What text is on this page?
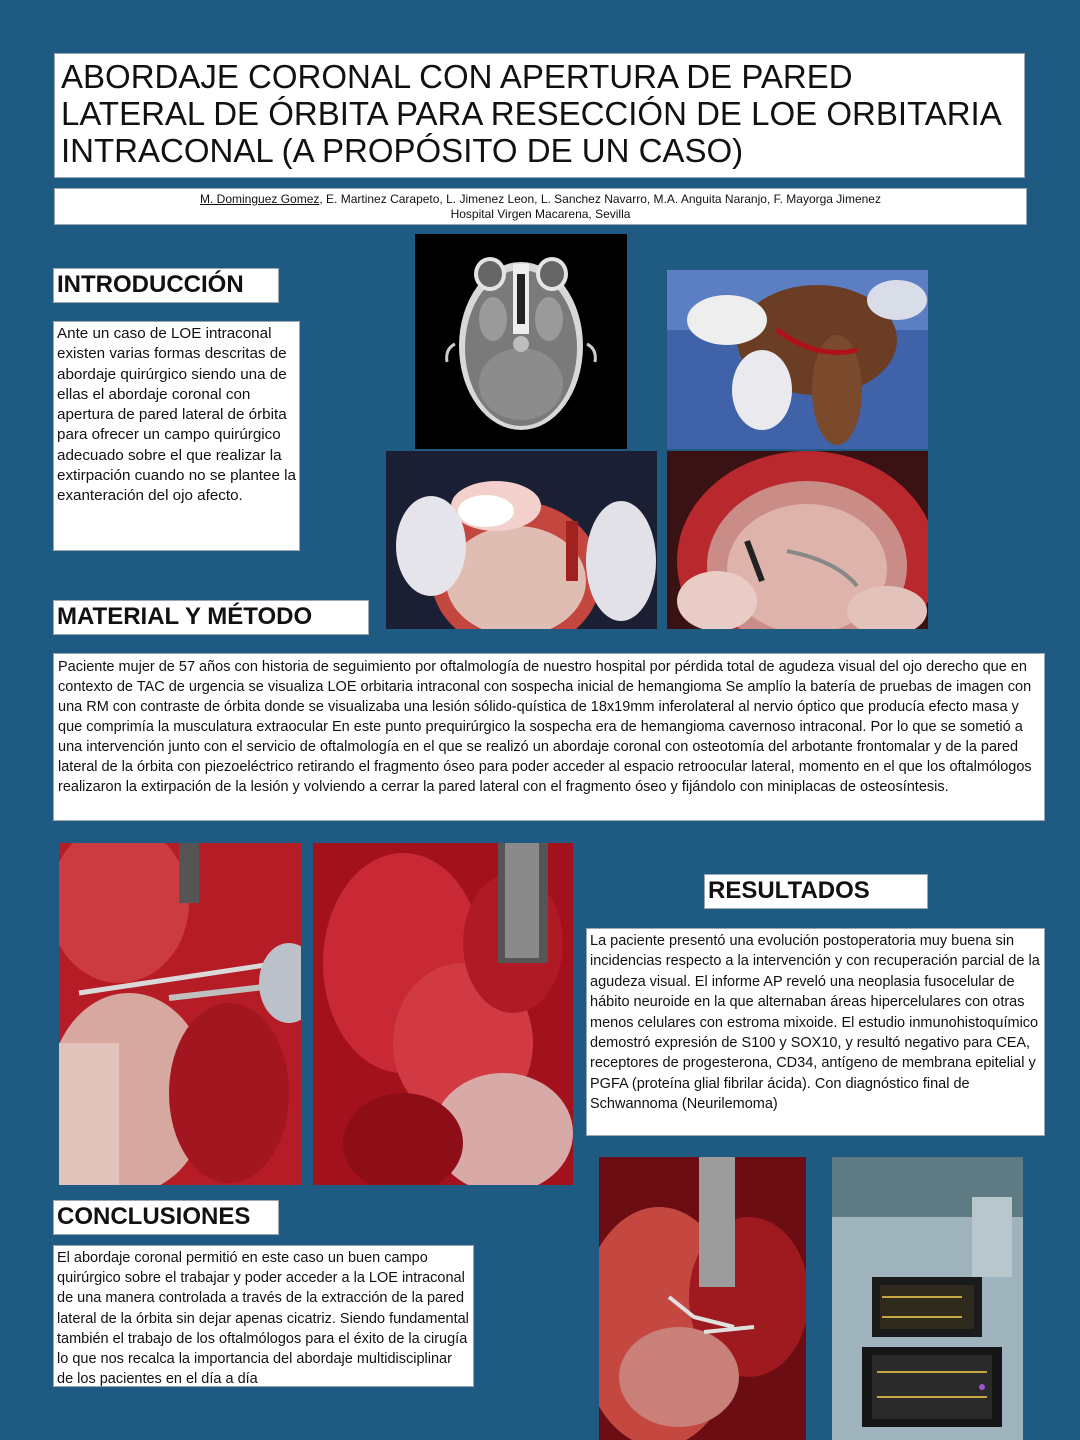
ABORDAJE CORONAL CON APERTURA DE PARED
LATERAL DE ÓRBITA PARA RESECCIÓN DE LOE ORBITARIA
INTRACONAL (A PROPÓSITO DE UN CASO)
M. Dominguez Gomez, E. Martinez Carapeto, L. Jimenez Leon, L. Sanchez Navarro, M.A. Anguita Naranjo, F. Mayorga Jimenez
Hospital Virgen Macarena, Sevilla
INTRODUCCIÓN
Ante un caso de LOE intraconal existen varias formas descritas de abordaje quirúrgico siendo una de ellas el abordaje coronal con apertura de pared lateral de órbita para ofrecer un campo quirúrgico adecuado sobre el que realizar la extirpación cuando no se plantee la exanteración del ojo afecto.
MATERIAL Y MÉTODO
Paciente mujer de 57 años con historia de seguimiento por oftalmología de nuestro hospital por pérdida total de agudeza visual del ojo derecho que en contexto de TAC de urgencia se visualiza LOE orbitaria intraconal con sospecha inicial de hemangioma Se amplío la batería de pruebas de imagen con una RM con contraste de órbita donde se visualizaba una lesión sólido-quística de 18x19mm inferolateral al nervio óptico que producía efecto masa y que comprimía la musculatura extraocular En este punto prequirúrgico la sospecha era de hemangioma cavernoso intraconal. Por lo que se sometió a una intervención junto con el servicio de oftalmología en el que se realizó un abordaje coronal con osteotomía del arbotante frontomalar y de la pared lateral de la órbita con piezoeléctrico retirando el fragmento óseo para poder acceder al espacio retroocular lateral, momento en el que los oftalmólogos realizaron la extirpación de la lesión y volviendo a cerrar la pared lateral con el fragmento óseo y fijándolo con miniplacas de osteosíntesis.
RESULTADOS
La paciente presentó una evolución postoperatoria muy buena sin incidencias respecto a la intervención y con recuperación parcial de la agudeza visual. El informe AP reveló una neoplasia fusocelular de hábito neuroide en la que alternaban áreas hipercelulares con otras menos celulares con estroma mixoide. El estudio inmunohistoquímico demostró expresión de S100 y SOX10, y resultó negativo para CEA, receptores de progesterona, CD34, antígeno de membrana epitelial y PGFA (proteína glial fibrilar ácida). Con diagnóstico final de Schwannoma (Neurilemoma)
CONCLUSIONES
El abordaje coronal permitió en este caso un buen campo quirúrgico sobre el trabajar y poder acceder a la LOE intraconal de una manera controlada a través de la extracción de la pared lateral de la órbita sin dejar apenas cicatriz. Siendo fundamental también el trabajo de los oftalmólogos para el éxito de la cirugía lo que nos recalca la importancia del abordaje multidisciplinar de los pacientes en el día a día
